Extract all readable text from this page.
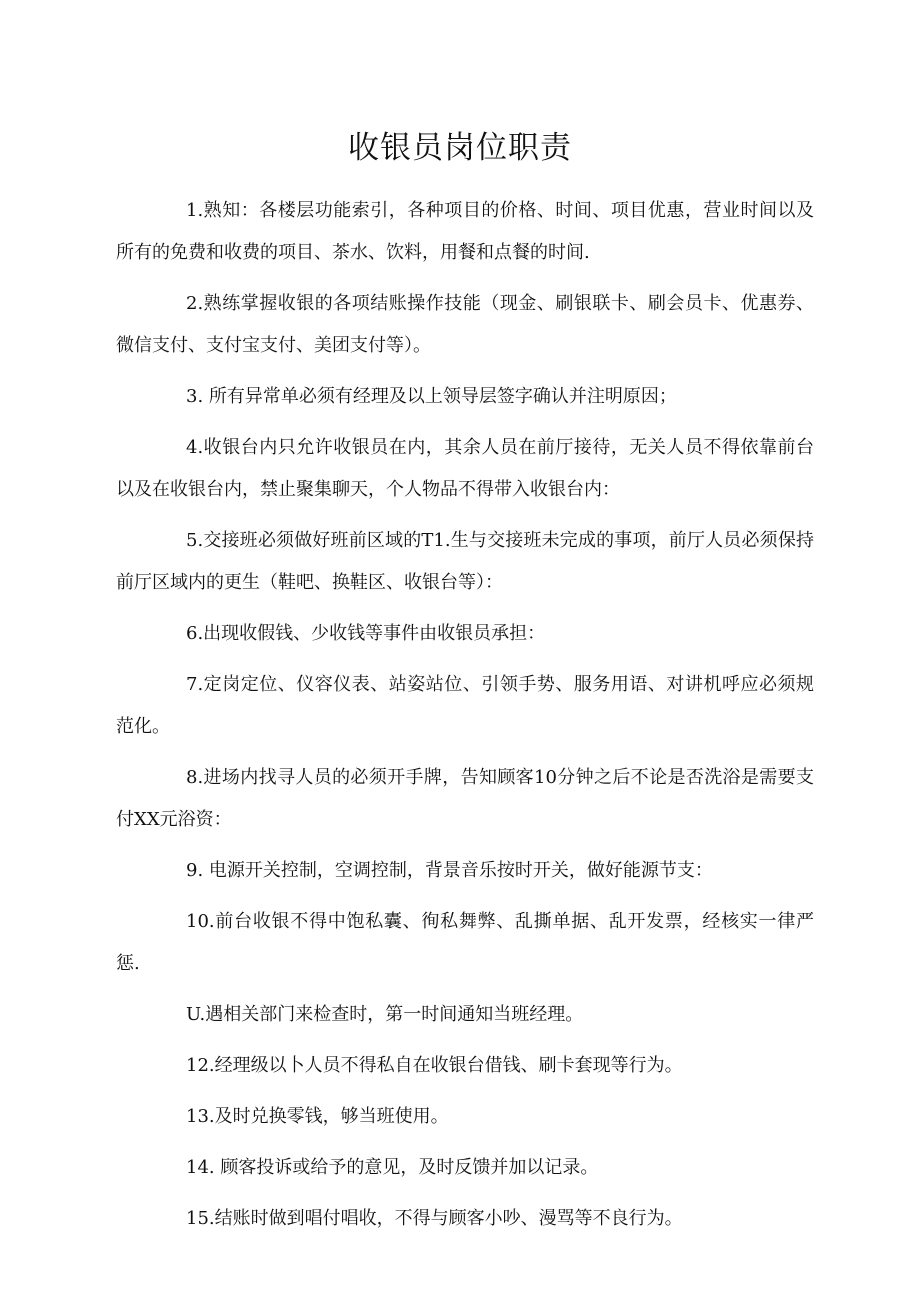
收银员岗位职责
1.熟知：各楼层功能索引，各种项目的价格、时间、项目优惠，营业时间以及所有的免费和收费的项目、茶水、饮料，用餐和点餐的时间.
2.熟练掌握收银的各项结账操作技能（现金、刷银联卡、刷会员卡、优惠券、微信支付、支付宝支付、美团支付等）。
3. 所有异常单必须有经理及以上领导层签字确认并注明原因；
4.收银台内只允许收银员在内，其余人员在前厅接待，无关人员不得依靠前台以及在收银台内，禁止聚集聊天，个人物品不得带入收银台内：
5.交接班必须做好班前区域的T1.生与交接班未完成的事项，前厅人员必须保持前厅区域内的更生（鞋吧、换鞋区、收银台等）：
6.出现收假钱、少收钱等事件由收银员承担：
7.定岗定位、仪容仪表、站姿站位、引领手势、服务用语、对讲机呼应必须规范化。
8.进场内找寻人员的必须开手牌，告知顾客10分钟之后不论是否洗浴是需要支付XX元浴资：
9. 电源开关控制，空调控制，背景音乐按时开关，做好能源节支：
10.前台收银不得中饱私囊、徇私舞弊、乱撕单据、乱开发票，经核实一律严惩.
U.遇相关部门来检查时，第一时间通知当班经理。
12.经理级以卜人员不得私自在收银台借钱、刷卡套现等行为。
13.及时兑换零钱，够当班使用。
14. 顾客投诉或给予的意见，及时反馈并加以记录。
15.结账时做到唱付唱收，不得与顾客小吵、漫骂等不良行为。
